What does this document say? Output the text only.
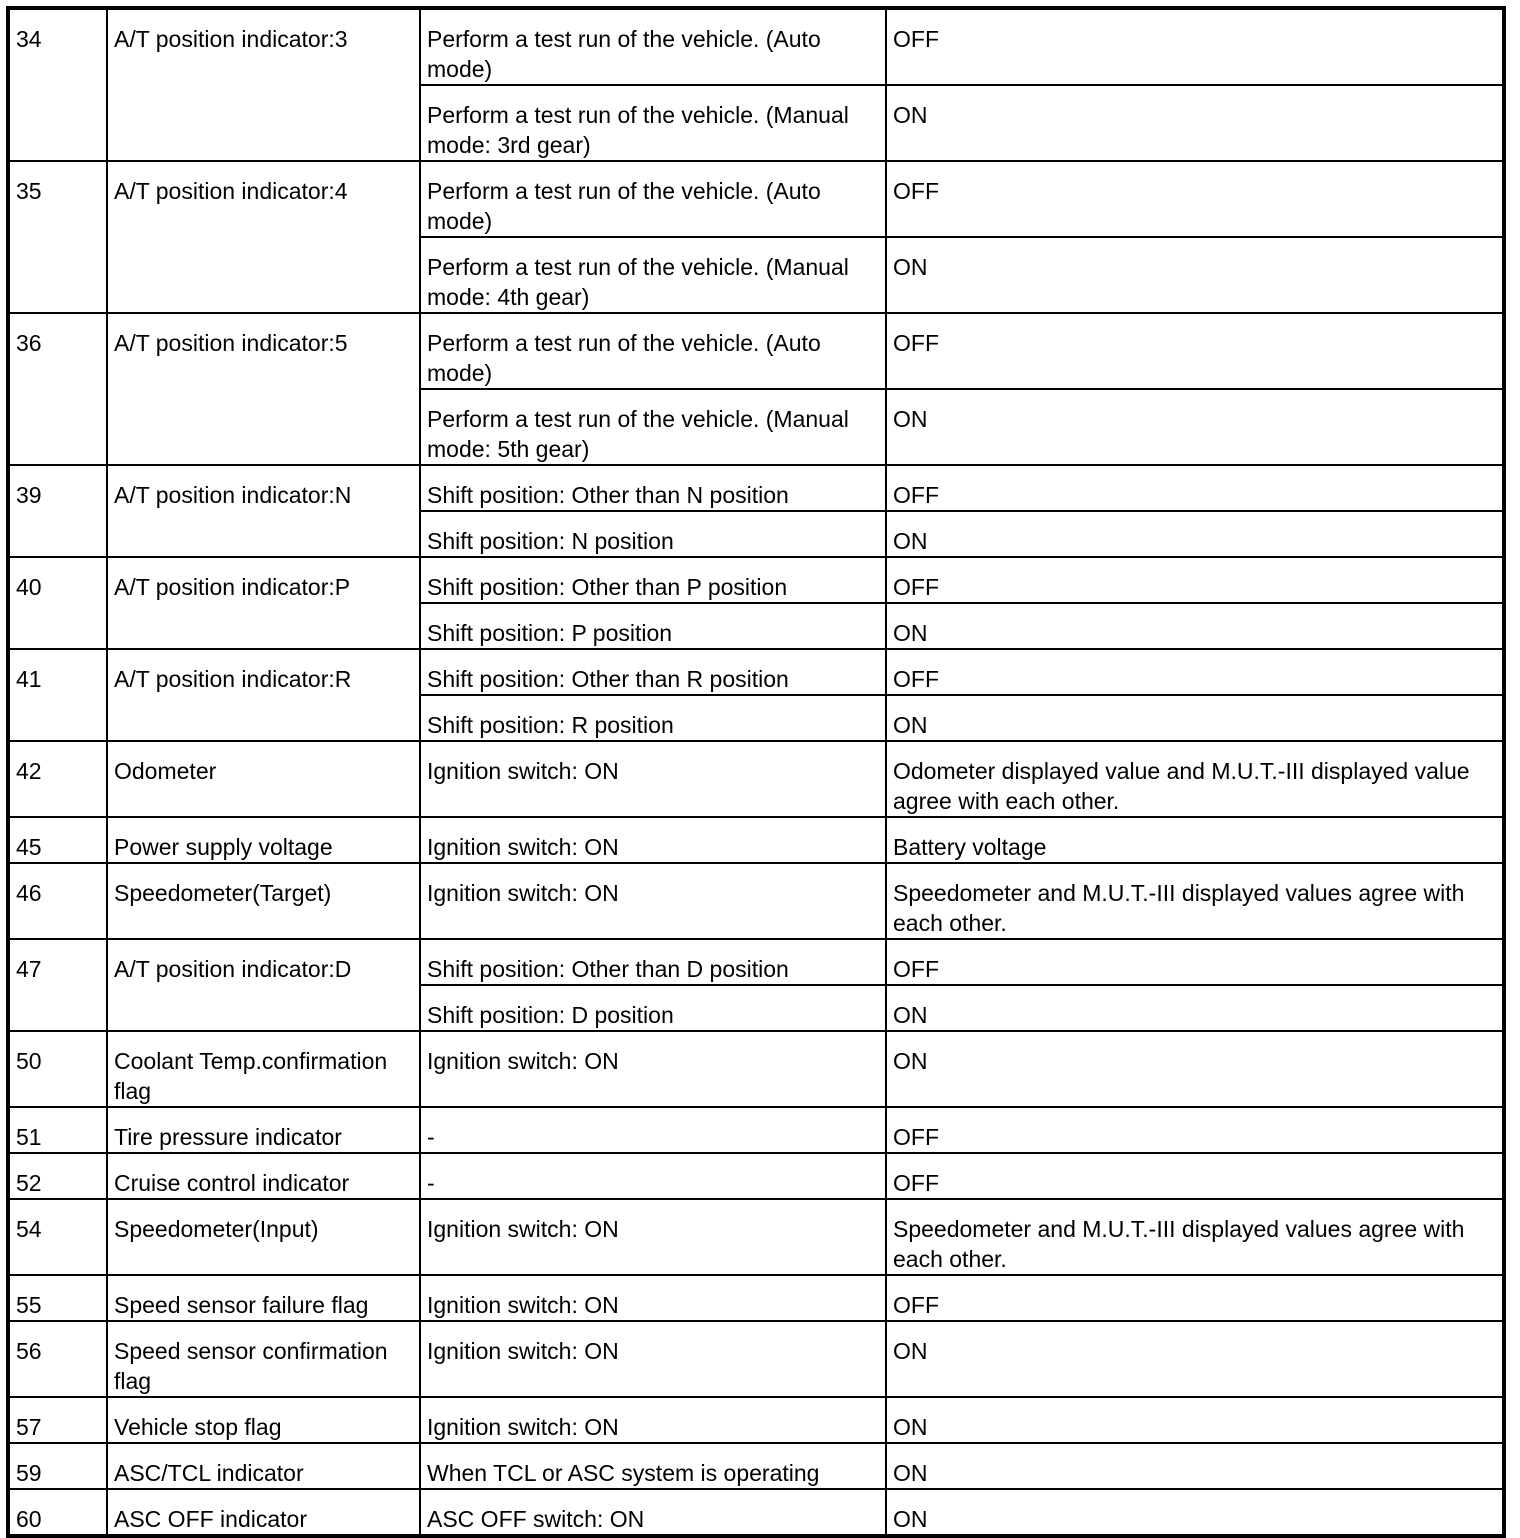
34	A/T position indicator:3	Perform a test run of the vehicle. (Auto mode)	OFF
		Perform a test run of the vehicle. (Manual mode: 3rd gear)	ON
35	A/T position indicator:4	Perform a test run of the vehicle. (Auto mode)	OFF
		Perform a test run of the vehicle. (Manual mode: 4th gear)	ON
36	A/T position indicator:5	Perform a test run of the vehicle. (Auto mode)	OFF
		Perform a test run of the vehicle. (Manual mode: 5th gear)	ON
39	A/T position indicator:N	Shift position: Other than N position	OFF
		Shift position: N position	ON
40	A/T position indicator:P	Shift position: Other than P position	OFF
		Shift position: P position	ON
41	A/T position indicator:R	Shift position: Other than R position	OFF
		Shift position: R position	ON
42	Odometer	Ignition switch: ON	Odometer displayed value and M.U.T.-III displayed value agree with each other.
45	Power supply voltage	Ignition switch: ON	Battery voltage
46	Speedometer(Target)	Ignition switch: ON	Speedometer and M.U.T.-III displayed values agree with each other.
47	A/T position indicator:D	Shift position: Other than D position	OFF
		Shift position: D position	ON
50	Coolant Temp.confirmation flag	Ignition switch: ON	ON
51	Tire pressure indicator	-	OFF
52	Cruise control indicator	-	OFF
54	Speedometer(Input)	Ignition switch: ON	Speedometer and M.U.T.-III displayed values agree with each other.
55	Speed sensor failure flag	Ignition switch: ON	OFF
56	Speed sensor confirmation flag	Ignition switch: ON	ON
57	Vehicle stop flag	Ignition switch: ON	ON
59	ASC/TCL indicator	When TCL or ASC system is operating	ON
60	ASC OFF indicator	ASC OFF switch: ON	ON
